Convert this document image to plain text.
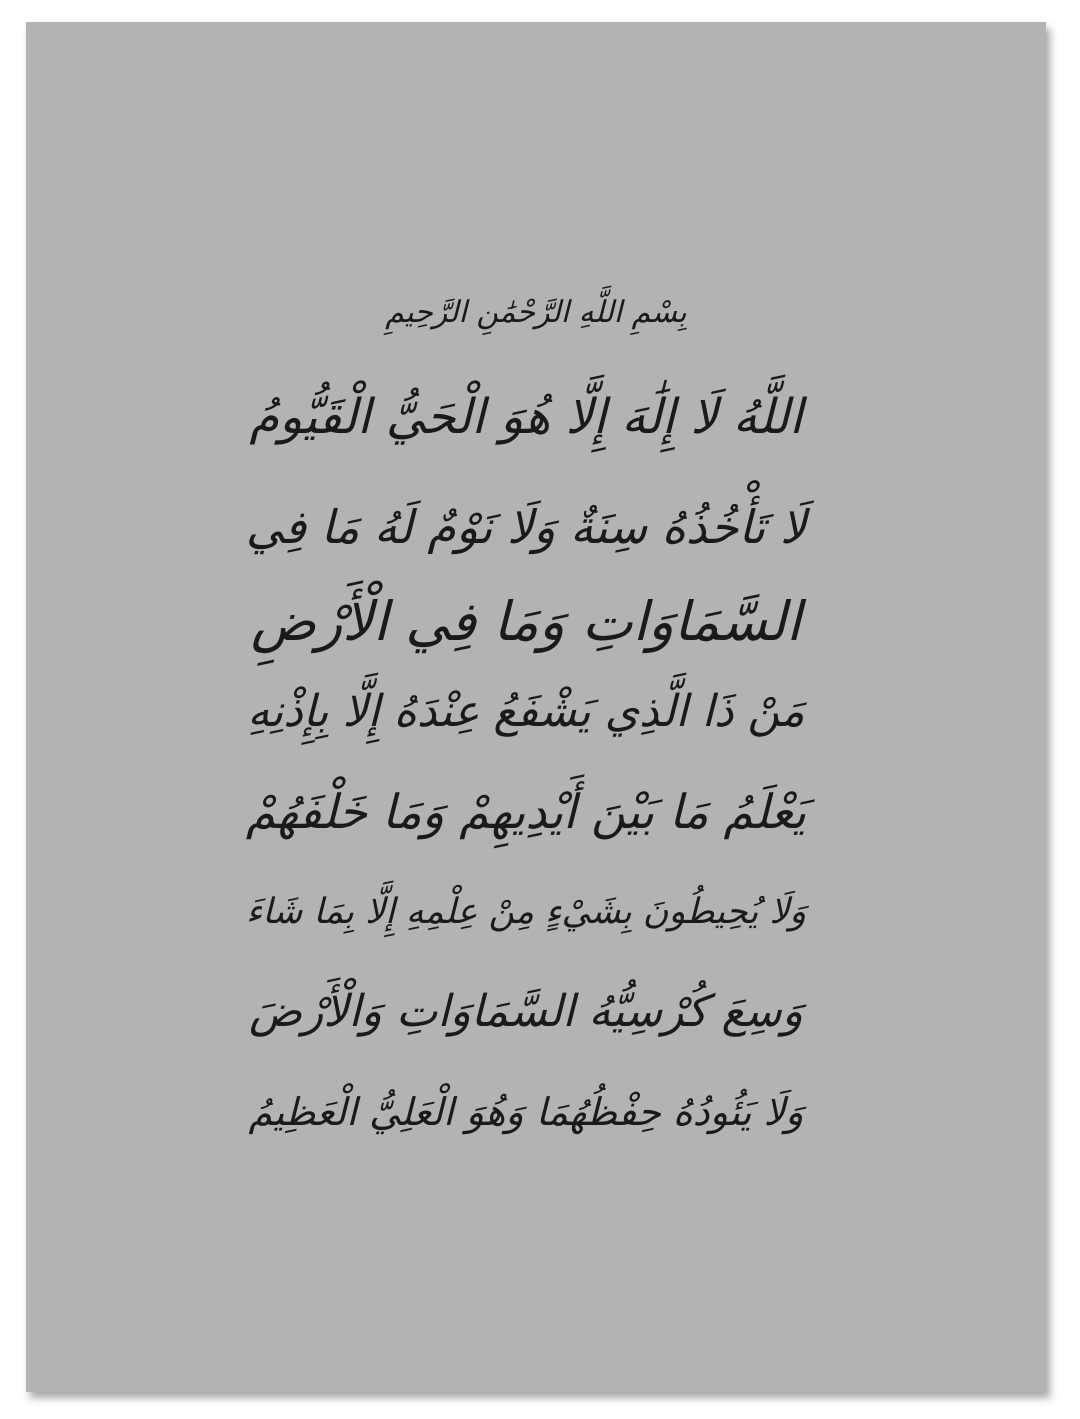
بِسْمِ اللَّهِ الرَّحْمَٰنِ الرَّحِيمِ
اللَّهُ لَا إِلَٰهَ إِلَّا هُوَ الْحَيُّ الْقَيُّومُ
لَا تَأْخُذُهُ سِنَةٌ وَلَا نَوْمٌ لَهُ مَا فِي
السَّمَاوَاتِ وَمَا فِي الْأَرْضِ
مَنْ ذَا الَّذِي يَشْفَعُ عِنْدَهُ إِلَّا بِإِذْنِهِ
يَعْلَمُ مَا بَيْنَ أَيْدِيهِمْ وَمَا خَلْفَهُمْ
وَلَا يُحِيطُونَ بِشَيْءٍ مِنْ عِلْمِهِ إِلَّا بِمَا شَاءَ
وَسِعَ كُرْسِيُّهُ السَّمَاوَاتِ وَالْأَرْضَ
وَلَا يَئُودُهُ حِفْظُهُمَا وَهُوَ الْعَلِيُّ الْعَظِيمُ
